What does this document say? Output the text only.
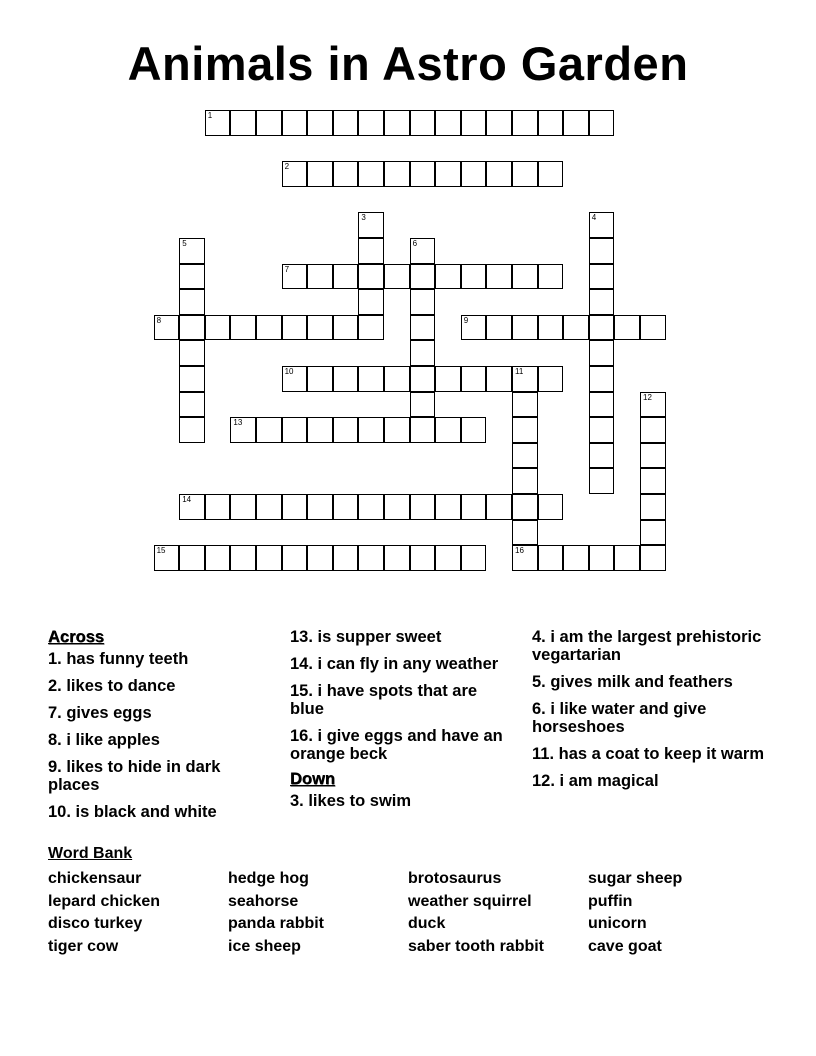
Animals in Astro Garden
1
2
3	4
5	6
7
8	9
10	11
12
13
14
15	16
Across
1. has funny teeth
2. likes to dance
7. gives eggs
8. i like apples
9. likes to hide in dark places
10. is black and white
13. is supper sweet
14. i can fly in any weather
15. i have spots that are blue
16. i give eggs and have an orange beck
Down
3. likes to swim
4. i am the largest prehistoric vegartarian
5. gives milk and feathers
6. i like water and give horseshoes
11. has a coat to keep it warm
12. i am magical
Word Bank
chickensaur
lepard chicken
disco turkey
tiger cow
hedge hog
seahorse
panda rabbit
ice sheep
brotosaurus
weather squirrel
duck
saber tooth rabbit
sugar sheep
puffin
unicorn
cave goat
